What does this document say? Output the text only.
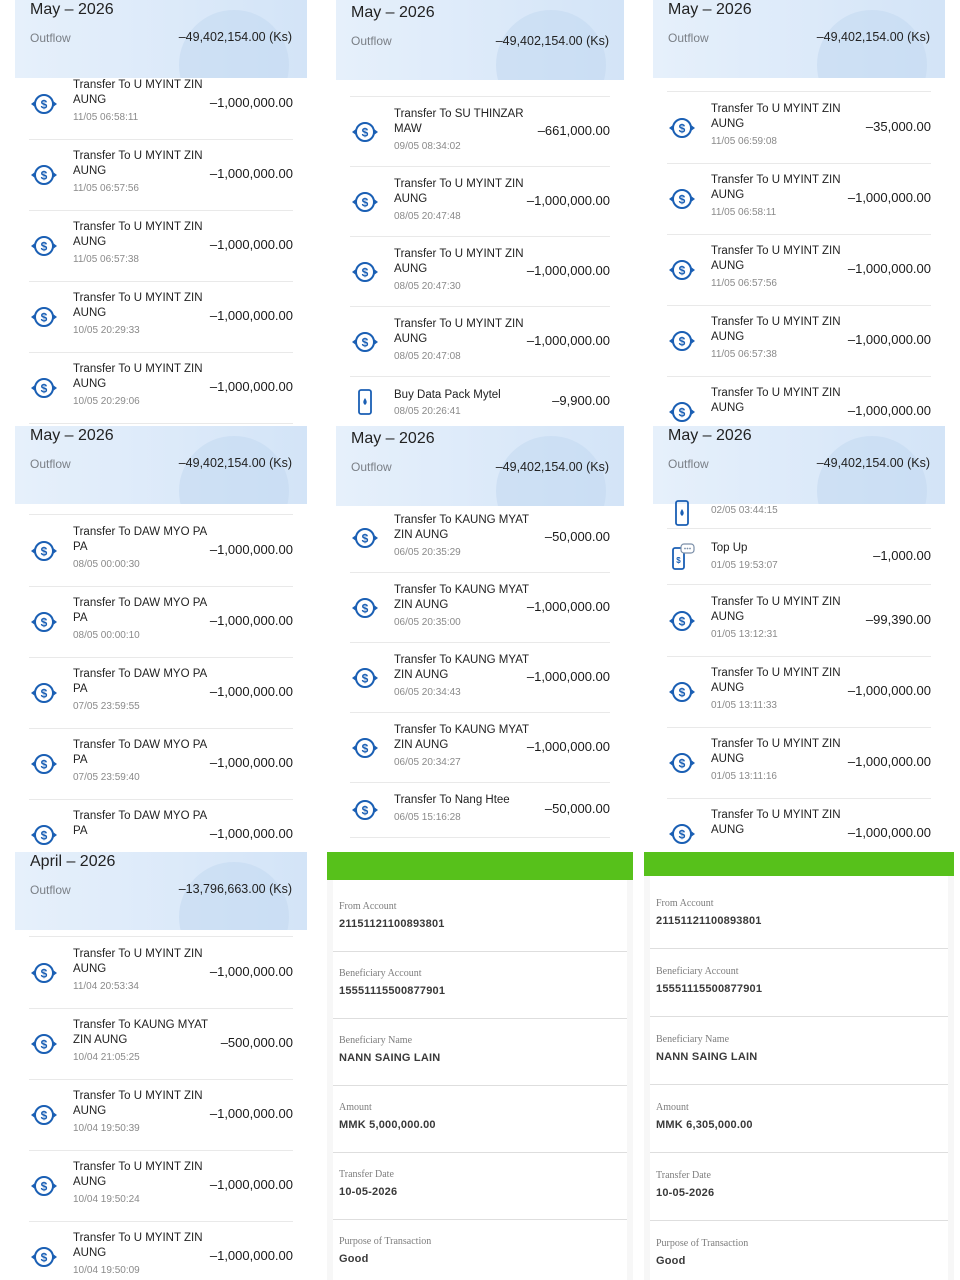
May – 2026
Outflow	–49,402,154.00 (Ks)
$
Transfer To U MYINT ZIN AUNG
11/05 06:58:11
–1,000,000.00
$
Transfer To U MYINT ZIN AUNG
11/05 06:57:56
–1,000,000.00
$
Transfer To U MYINT ZIN AUNG
11/05 06:57:38
–1,000,000.00
$
Transfer To U MYINT ZIN AUNG
10/05 20:29:33
–1,000,000.00
$
Transfer To U MYINT ZIN AUNG
10/05 20:29:06
–1,000,000.00
May – 2026
Outflow	–49,402,154.00 (Ks)
$
Transfer To SU THINZAR MAW
09/05 08:34:02
–661,000.00
$
Transfer To U MYINT ZIN AUNG
08/05 20:47:48
–1,000,000.00
$
Transfer To U MYINT ZIN AUNG
08/05 20:47:30
–1,000,000.00
$
Transfer To U MYINT ZIN AUNG
08/05 20:47:08
–1,000,000.00
Buy Data Pack Mytel
08/05 20:26:41
–9,900.00
May – 2026
Outflow	–49,402,154.00 (Ks)
$
Transfer To U MYINT ZIN AUNG
11/05 06:59:08
–35,000.00
$
Transfer To U MYINT ZIN AUNG
11/05 06:58:11
–1,000,000.00
$
Transfer To U MYINT ZIN AUNG
11/05 06:57:56
–1,000,000.00
$
Transfer To U MYINT ZIN AUNG
11/05 06:57:38
–1,000,000.00
$
Transfer To U MYINT ZIN AUNG	–1,000,000.00
May – 2026
Outflow	–49,402,154.00 (Ks)
$
Transfer To DAW MYO PA PA
08/05 00:00:30
–1,000,000.00
$
Transfer To DAW MYO PA PA
08/05 00:00:10
–1,000,000.00
$
Transfer To DAW MYO PA PA
07/05 23:59:55
–1,000,000.00
$
Transfer To DAW MYO PA PA
07/05 23:59:40
–1,000,000.00
$
Transfer To DAW MYO PA PA	–1,000,000.00
May – 2026
Outflow	–49,402,154.00 (Ks)
$
Transfer To KAUNG MYAT ZIN AUNG
06/05 20:35:29
–50,000.00
$
Transfer To KAUNG MYAT ZIN AUNG
06/05 20:35:00
–1,000,000.00
$
Transfer To KAUNG MYAT ZIN AUNG
06/05 20:34:43
–1,000,000.00
$
Transfer To KAUNG MYAT ZIN AUNG
06/05 20:34:27
–1,000,000.00
$
Transfer To Nang Htee
06/05 15:16:28
–50,000.00
May – 2026
Outflow	–49,402,154.00 (Ks)
02/05 03:44:15
$
Top Up
01/05 19:53:07
–1,000.00
$
Transfer To U MYINT ZIN AUNG
01/05 13:12:31
–99,390.00
$
Transfer To U MYINT ZIN AUNG
01/05 13:11:33
–1,000,000.00
$
Transfer To U MYINT ZIN AUNG
01/05 13:11:16
–1,000,000.00
$
Transfer To U MYINT ZIN AUNG	–1,000,000.00
April – 2026
Outflow	–13,796,663.00 (Ks)
$
Transfer To U MYINT ZIN AUNG
11/04 20:53:34
–1,000,000.00
$
Transfer To KAUNG MYAT ZIN AUNG
10/04 21:05:25
–500,000.00
$
Transfer To U MYINT ZIN AUNG
10/04 19:50:39
–1,000,000.00
$
Transfer To U MYINT ZIN AUNG
10/04 19:50:24
–1,000,000.00
$
Transfer To U MYINT ZIN AUNG
10/04 19:50:09
–1,000,000.00
From Account
21151121100893801
Beneficiary Account
15551115500877901
Beneficiary Name
NANN SAING LAIN
Amount
MMK 5,000,000.00
Transfer Date
10-05-2026
Purpose of Transaction
Good
From Account
21151121100893801
Beneficiary Account
15551115500877901
Beneficiary Name
NANN SAING LAIN
Amount
MMK 6,305,000.00
Transfer Date
10-05-2026
Purpose of Transaction
Good
